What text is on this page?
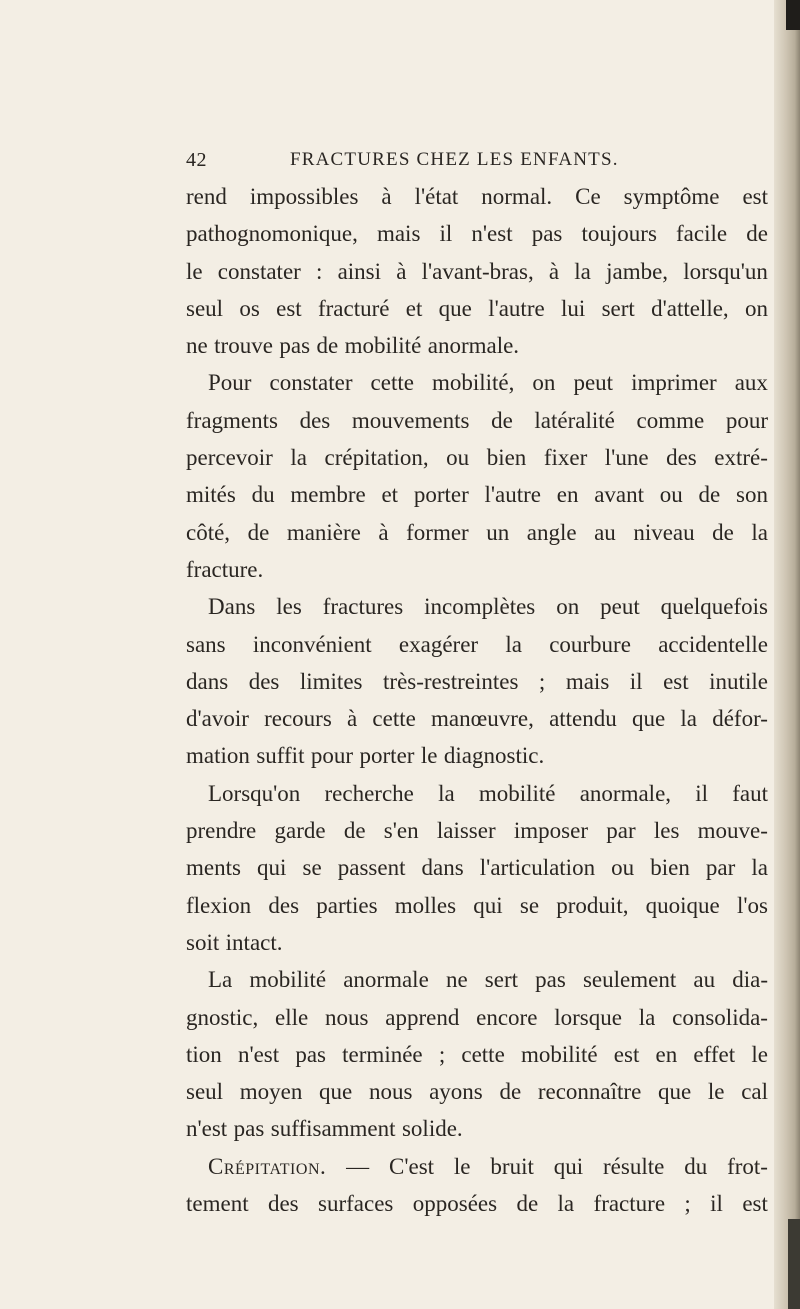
42	FRACTURES CHEZ LES ENFANTS.
rend impossibles à l'état normal. Ce symptôme est
pathognomonique, mais il n'est pas toujours facile de
le constater : ainsi à l'avant-bras, à la jambe, lorsqu'un
seul os est fracturé et que l'autre lui sert d'attelle, on
ne trouve pas de mobilité anormale.
Pour constater cette mobilité, on peut imprimer aux
fragments des mouvements de latéralité comme pour
percevoir la crépitation, ou bien fixer l'une des extré-
mités du membre et porter l'autre en avant ou de son
côté, de manière à former un angle au niveau de la
fracture.
Dans les fractures incomplètes on peut quelquefois
sans inconvénient exagérer la courbure accidentelle
dans des limites très-restreintes ; mais il est inutile
d'avoir recours à cette manœuvre, attendu que la défor-
mation suffit pour porter le diagnostic.
Lorsqu'on recherche la mobilité anormale, il faut
prendre garde de s'en laisser imposer par les mouve-
ments qui se passent dans l'articulation ou bien par la
flexion des parties molles qui se produit, quoique l'os
soit intact.
La mobilité anormale ne sert pas seulement au dia-
gnostic, elle nous apprend encore lorsque la consolida-
tion n'est pas terminée ; cette mobilité est en effet le
seul moyen que nous ayons de reconnaître que le cal
n'est pas suffisamment solide.
Crépitation. — C'est le bruit qui résulte du frot-
tement des surfaces opposées de la fracture ; il est
